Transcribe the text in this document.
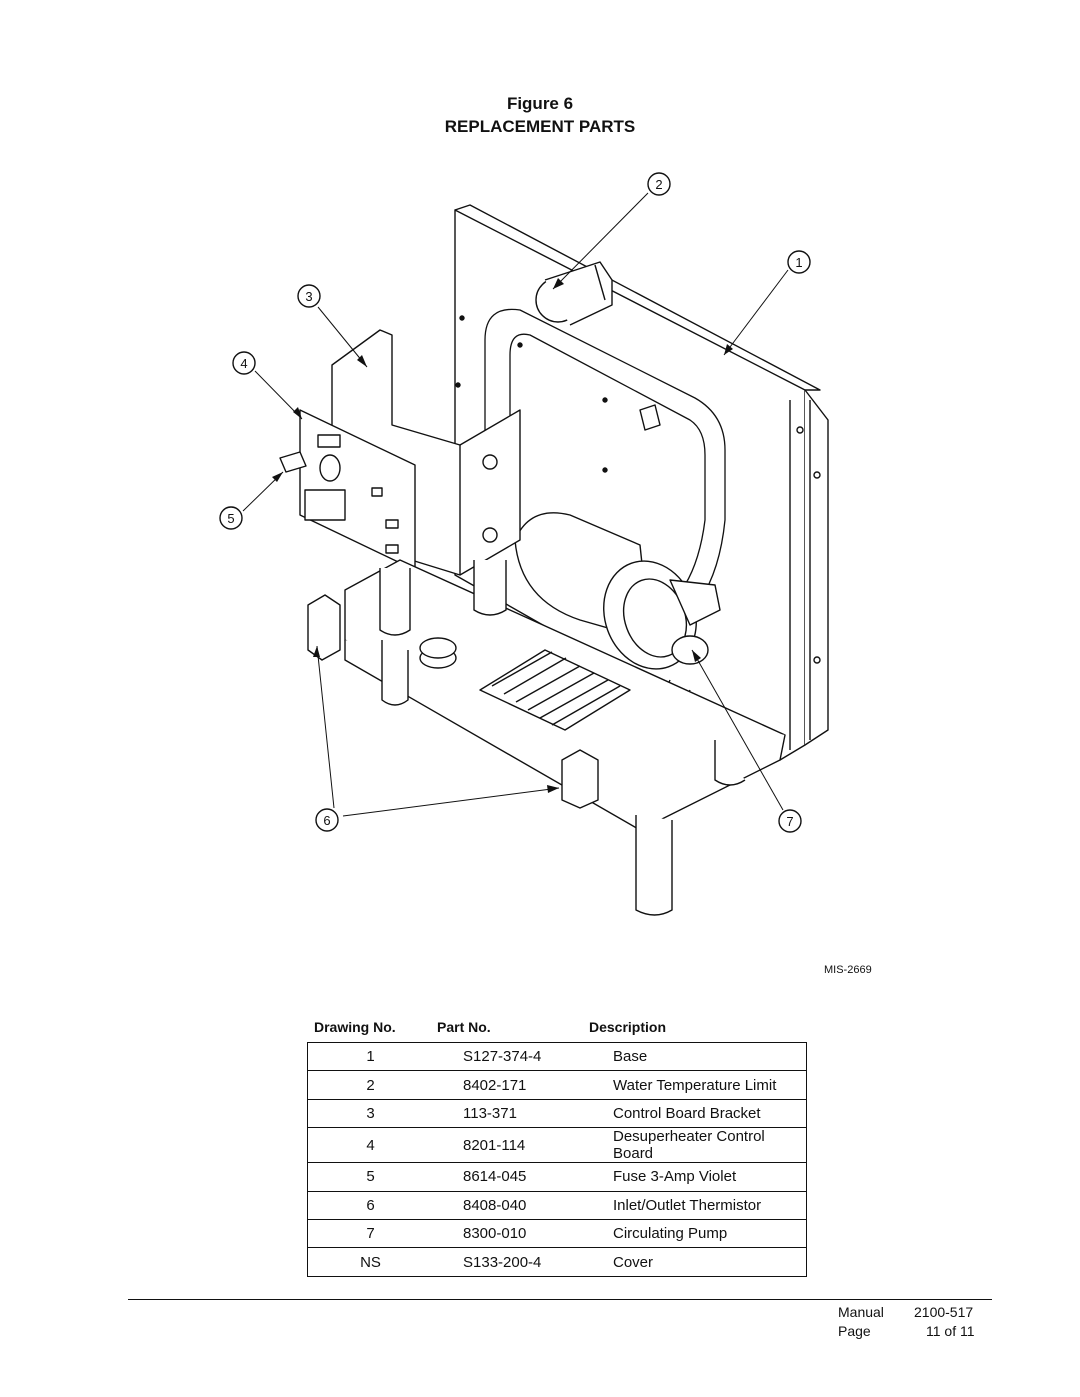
Figure 6
REPLACEMENT PARTS
1
2
3
4
5
6	7
MIS-2669
Drawing No.	Part No.	Description
1	S127-374-4	Base
2	8402-171	Water Temperature Limit
3	113-371	Control Board Bracket
4	8201-114	Desuperheater Control Board
5	8614-045	Fuse 3-Amp Violet
6	8408-040	Inlet/Outlet Thermistor
7	8300-010	Circulating Pump
NS	S133-200-4	Cover
Manual 2100-517
Page	11 of 11
